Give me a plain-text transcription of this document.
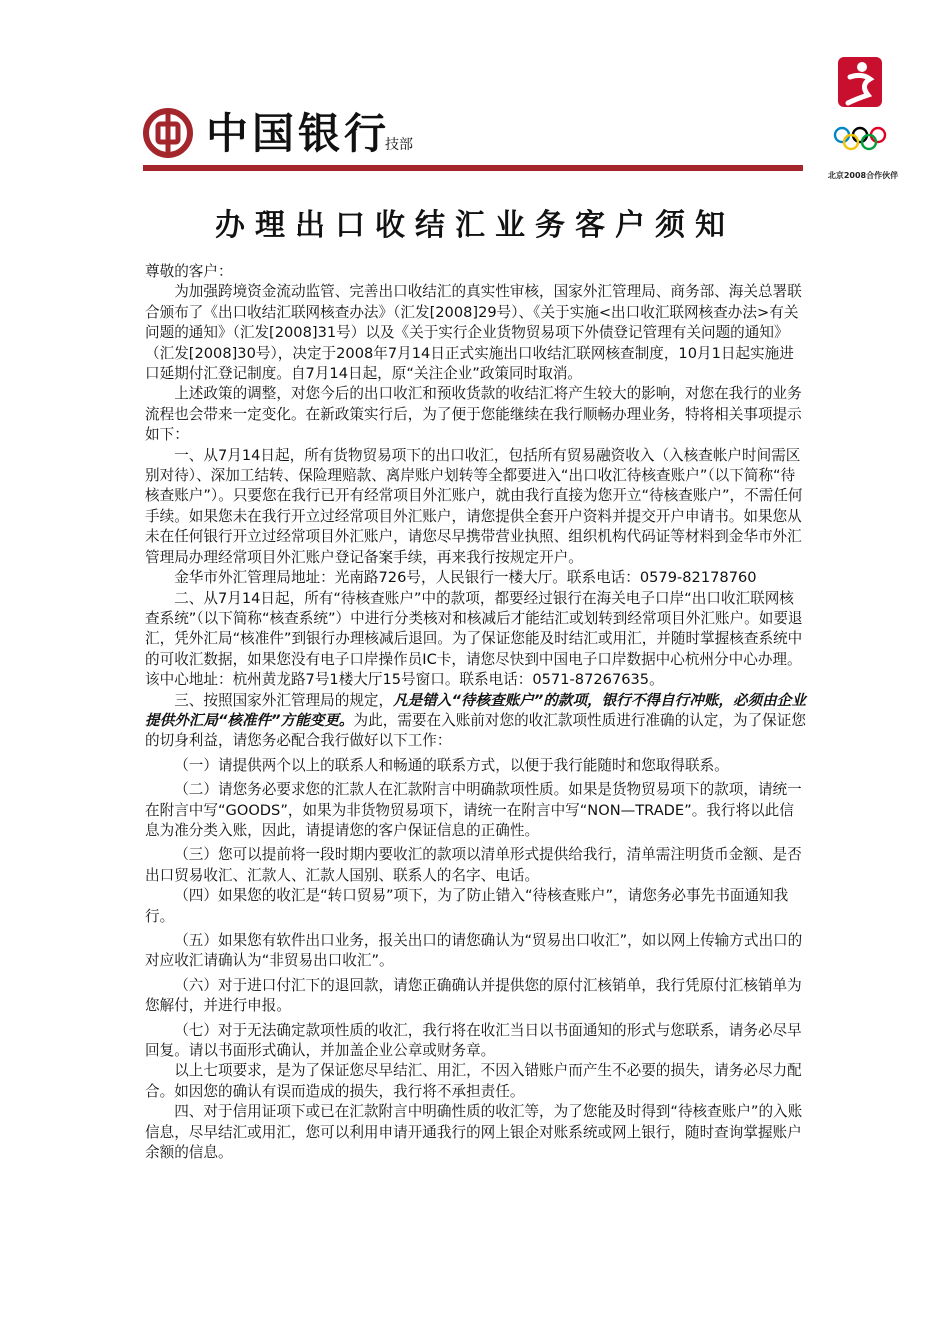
中国银行
技部
北京2008合作伙伴
办理出口收结汇业务客户须知

尊敬的客户：

为加强跨境资金流动监管、完善出口收结汇的真实性审核，国家外汇管理局、商务部、海关总署联合颁布了《出口收结汇联网核查办法》（汇发[2008]29号）、《关于实施<出口收汇联网核查办法>有关问题的通知》（汇发[2008]31号）以及《关于实行企业货物贸易项下外债登记管理有关问题的通知》（汇发[2008]30号），决定于2008年7月14日正式实施出口收结汇联网核查制度，10月1日起实施进口延期付汇登记制度。自7月14日起，原“关注企业”政策同时取消。

上述政策的调整，对您今后的出口收汇和预收货款的收结汇将产生较大的影响，对您在我行的业务流程也会带来一定变化。在新政策实行后，为了便于您能继续在我行顺畅办理业务，特将相关事项提示如下：

一、从7月14日起，所有货物贸易项下的出口收汇，包括所有贸易融资收入（入核查帐户时间需区别对待）、深加工结转、保险理赔款、离岸账户划转等全都要进入“出口收汇待核查账户”（以下简称“待核查账户”）。只要您在我行已开有经常项目外汇账户，就由我行直接为您开立“待核查账户”，不需任何手续。如果您未在我行开立过经常项目外汇账户，请您提供全套开户资料并提交开户申请书。如果您从未在任何银行开立过经常项目外汇账户，请您尽早携带营业执照、组织机构代码证等材料到金华市外汇管理局办理经常项目外汇账户登记备案手续，再来我行按规定开户。

金华市外汇管理局地址：光南路726号，人民银行一楼大厅。联系电话：0579-82178760

二、从7月14日起，所有“待核查账户”中的款项，都要经过银行在海关电子口岸“出口收汇联网核查系统”（以下简称“核查系统”）中进行分类核对和核减后才能结汇或划转到经常项目外汇账户。如要退汇，凭外汇局“核准件”到银行办理核减后退回。为了保证您能及时结汇或用汇，并随时掌握核查系统中的可收汇数据，如果您没有电子口岸操作员IC卡，请您尽快到中国电子口岸数据中心杭州分中心办理。该中心地址：杭州黄龙路7号1楼大厅15号窗口。联系电话：0571-87267635。

三、按照国家外汇管理局的规定，凡是错入“待核查账户”的款项，银行不得自行冲账，必须由企业提供外汇局“核准件”方能变更。为此，需要在入账前对您的收汇款项性质进行准确的认定，为了保证您的切身利益，请您务必配合我行做好以下工作：

（一）请提供两个以上的联系人和畅通的联系方式，以便于我行能随时和您取得联系。

（二）请您务必要求您的汇款人在汇款附言中明确款项性质。如果是货物贸易项下的款项，请统一在附言中写“GOODS”，如果为非货物贸易项下，请统一在附言中写“NON—TRADE”。我行将以此信息为准分类入账，因此，请提请您的客户保证信息的正确性。

（三）您可以提前将一段时期内要收汇的款项以清单形式提供给我行，清单需注明货币金额、是否出口贸易收汇、汇款人、汇款人国别、联系人的名字、电话。

（四）如果您的收汇是“转口贸易”项下，为了防止错入“待核查账户”，请您务必事先书面通知我行。

（五）如果您有软件出口业务，报关出口的请您确认为“贸易出口收汇”，如以网上传输方式出口的对应收汇请确认为“非贸易出口收汇”。

（六）对于进口付汇下的退回款，请您正确确认并提供您的原付汇核销单，我行凭原付汇核销单为您解付，并进行申报。

（七）对于无法确定款项性质的收汇，我行将在收汇当日以书面通知的形式与您联系，请务必尽早回复。请以书面形式确认，并加盖企业公章或财务章。

以上七项要求，是为了保证您尽早结汇、用汇，不因入错账户而产生不必要的损失，请务必尽力配合。如因您的确认有误而造成的损失，我行将不承担责任。

四、对于信用证项下或已在汇款附言中明确性质的收汇等，为了您能及时得到“待核查账户”的入账信息，尽早结汇或用汇，您可以利用申请开通我行的网上银企对账系统或网上银行，随时查询掌握账户余额的信息。
